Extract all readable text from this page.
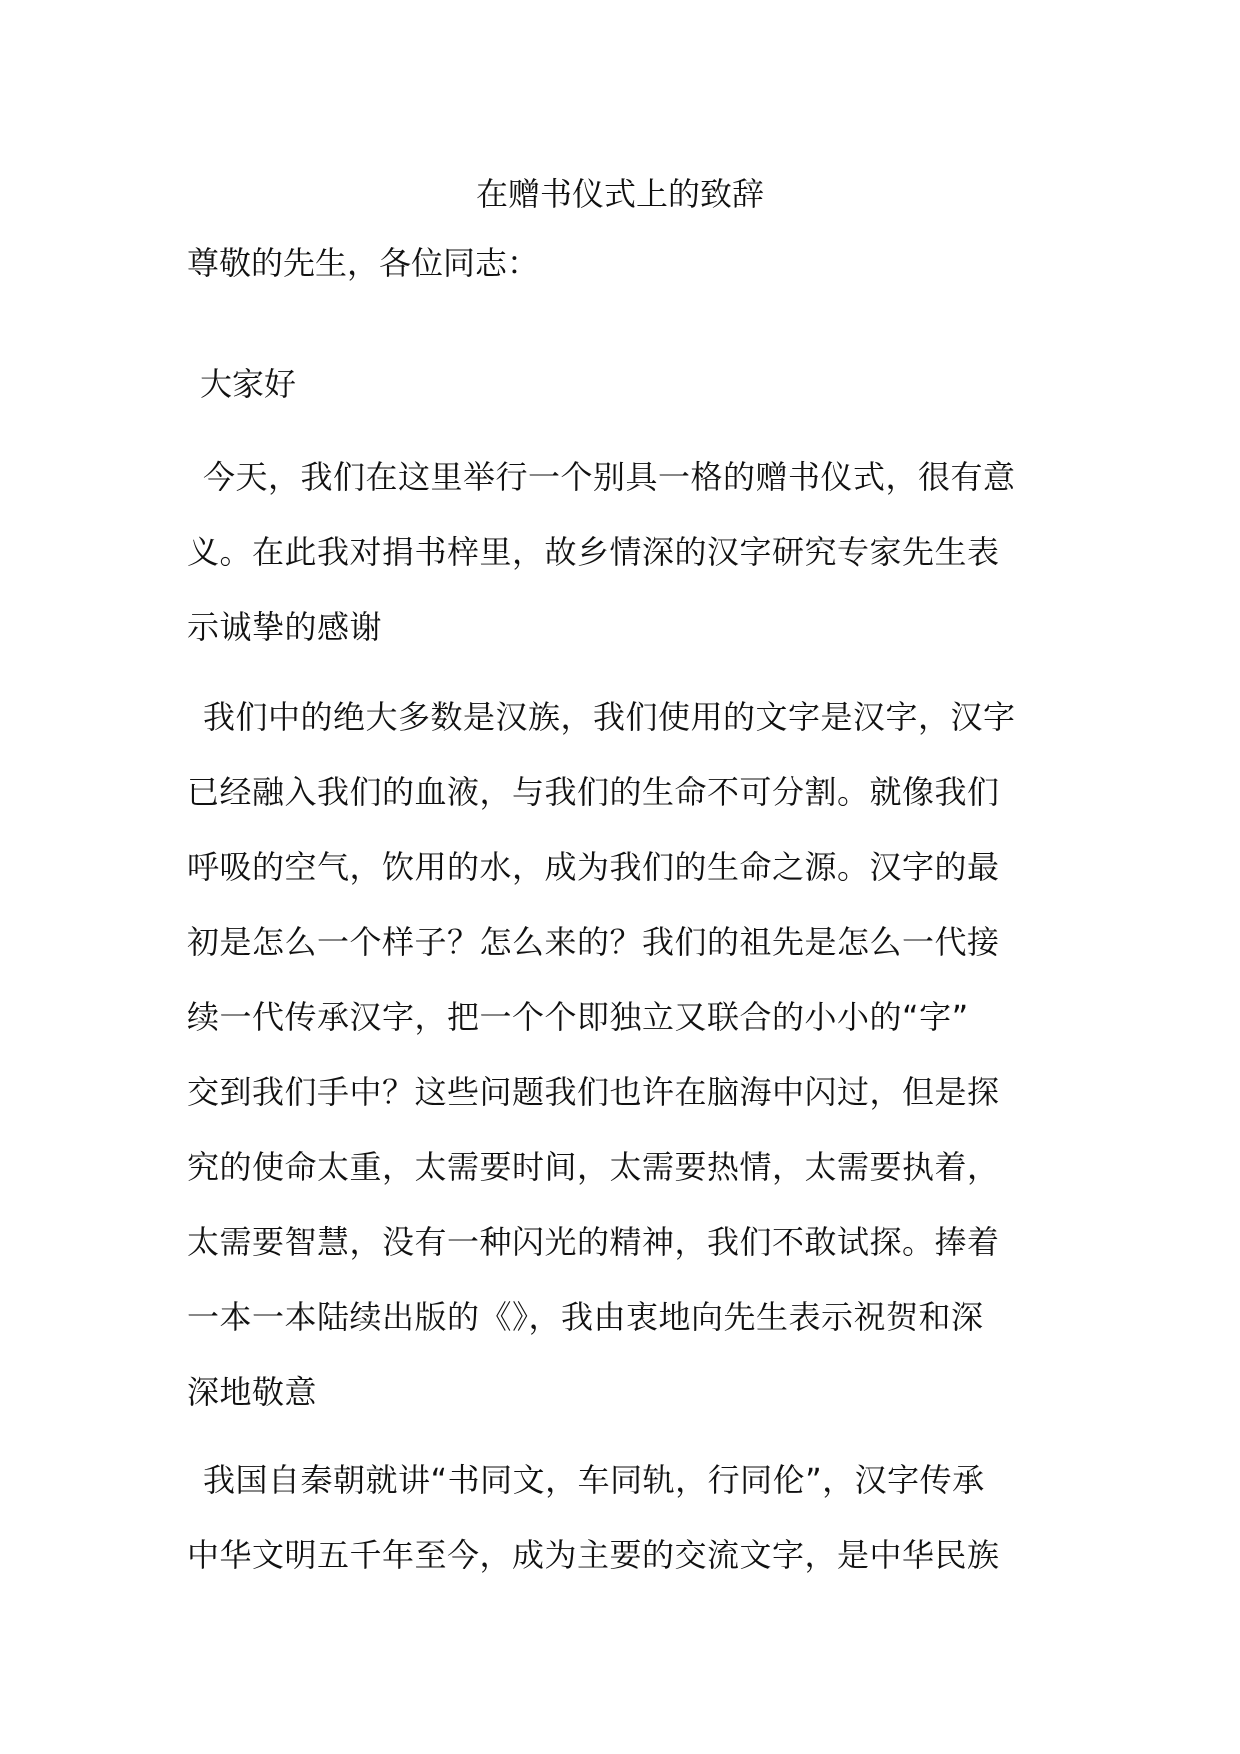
在赠书仪式上的致辞

尊敬的先生，各位同志：

大家好

今天，我们在这里举行一个别具一格的赠书仪式，很有意
义。在此我对捐书梓里，故乡情深的汉字研究专家先生表
示诚挚的感谢
我们中的绝大多数是汉族，我们使用的文字是汉字，汉字
已经融入我们的血液，与我们的生命不可分割。就像我们
呼吸的空气，饮用的水，成为我们的生命之源。汉字的最
初是怎么一个样子？怎么来的？我们的祖先是怎么一代接
续一代传承汉字，把一个个即独立又联合的小小的“字”
交到我们手中？这些问题我们也许在脑海中闪过，但是探
究的使命太重，太需要时间，太需要热情，太需要执着，
太需要智慧，没有一种闪光的精神，我们不敢试探。捧着
一本一本陆续出版的《》，我由衷地向先生表示祝贺和深
深地敬意
我国自秦朝就讲“书同文，车同轨，行同伦”，汉字传承
中华文明五千年至今，成为主要的交流文字，是中华民族
